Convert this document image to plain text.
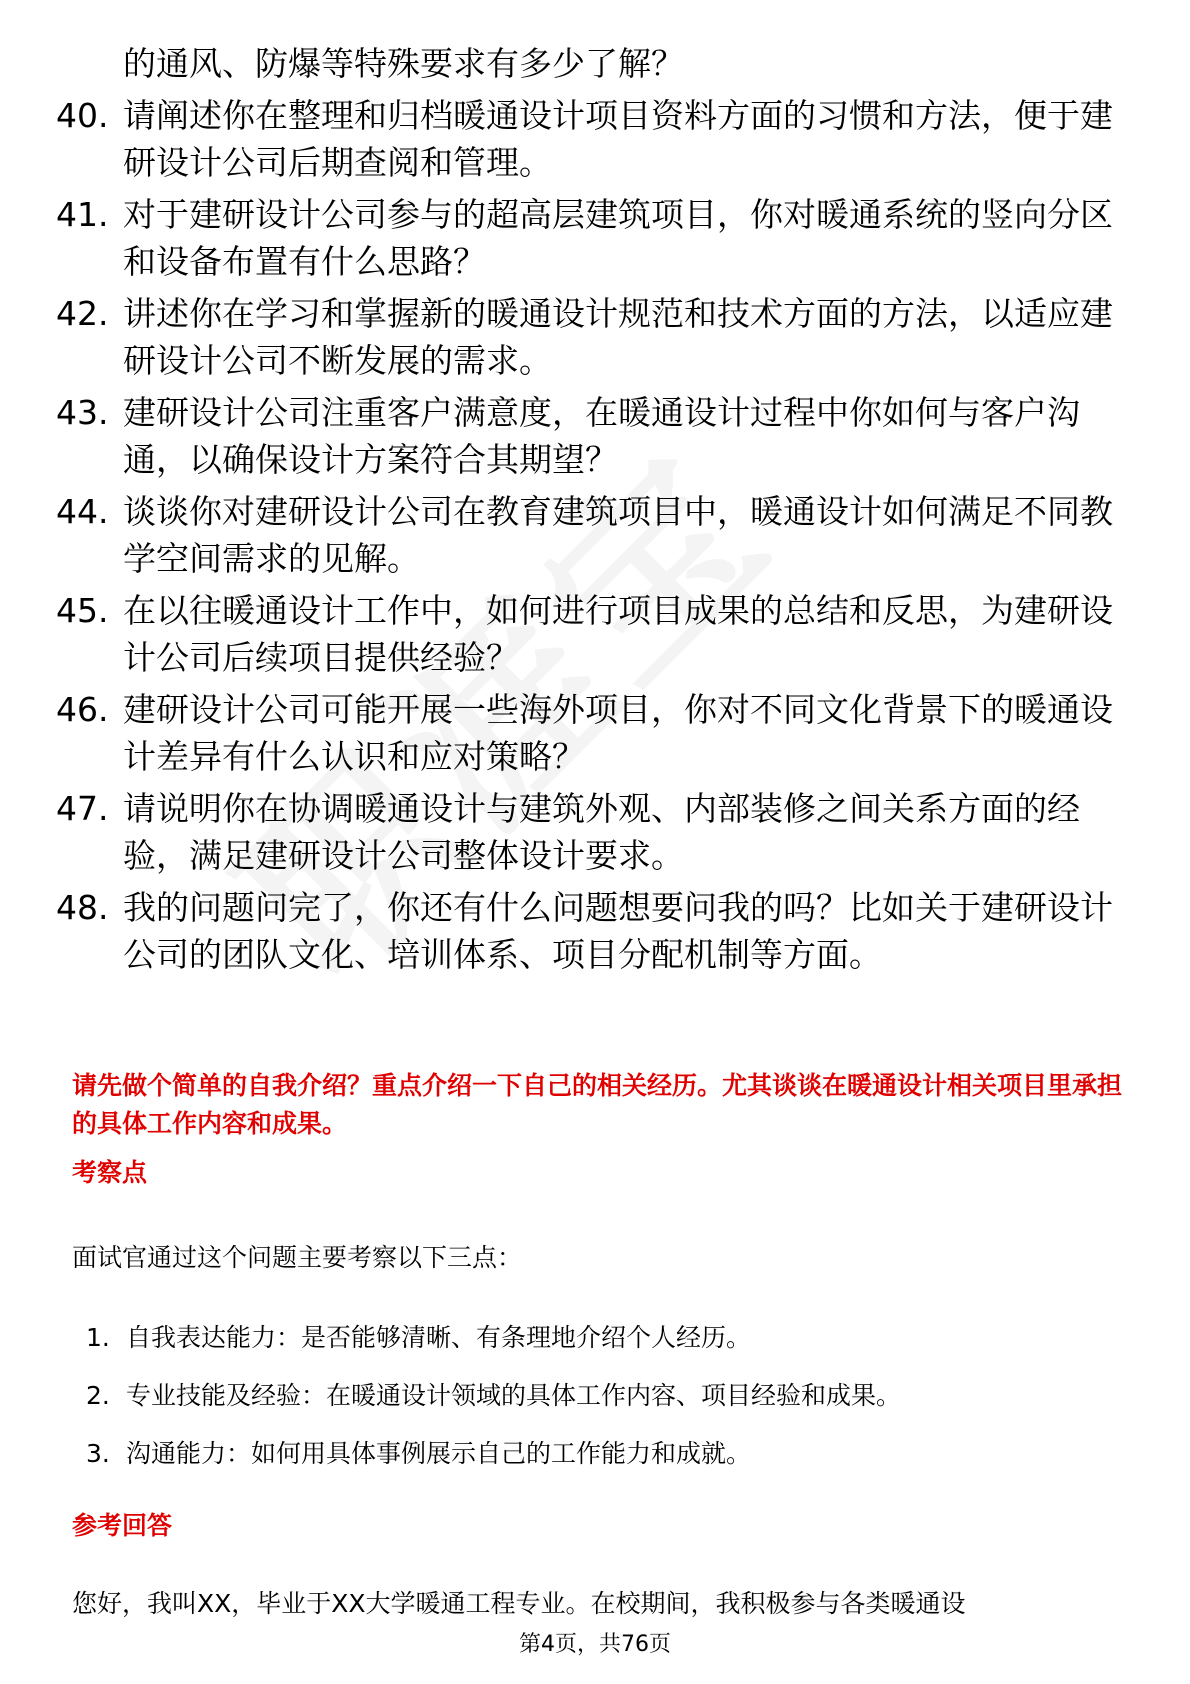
的通风、防爆等特殊要求有多少了解？
40. 请阐述你在整理和归档暖通设计项目资料方面的习惯和方法，便于建研设计公司后期查阅和管理。
41. 对于建研设计公司参与的超高层建筑项目，你对暖通系统的竖向分区和设备布置有什么思路？
42. 讲述你在学习和掌握新的暖通设计规范和技术方面的方法，以适应建研设计公司不断发展的需求。
43. 建研设计公司注重客户满意度，在暖通设计过程中你如何与客户沟通，以确保设计方案符合其期望？
44. 谈谈你对建研设计公司在教育建筑项目中，暖通设计如何满足不同教学空间需求的见解。
45. 在以往暖通设计工作中，如何进行项目成果的总结和反思，为建研设计公司后续项目提供经验？
46. 建研设计公司可能开展一些海外项目，你对不同文化背景下的暖通设计差异有什么认识和应对策略？
47. 请说明你在协调暖通设计与建筑外观、内部装修之间关系方面的经验，满足建研设计公司整体设计要求。
48. 我的问题问完了，你还有什么问题想要问我的吗？比如关于建研设计公司的团队文化、培训体系、项目分配机制等方面。
请先做个简单的自我介绍？重点介绍一下自己的相关经历。尤其谈谈在暖通设计相关项目里承担的具体工作内容和成果。
考察点
面试官通过这个问题主要考察以下三点：
1. 自我表达能力：是否能够清晰、有条理地介绍个人经历。
2. 专业技能及经验：在暖通设计领域的具体工作内容、项目经验和成果。
3. 沟通能力：如何用具体事例展示自己的工作能力和成就。
参考回答
您好，我叫XX，毕业于XX大学暖通工程专业。在校期间，我积极参与各类暖通设
第4页，共76页
